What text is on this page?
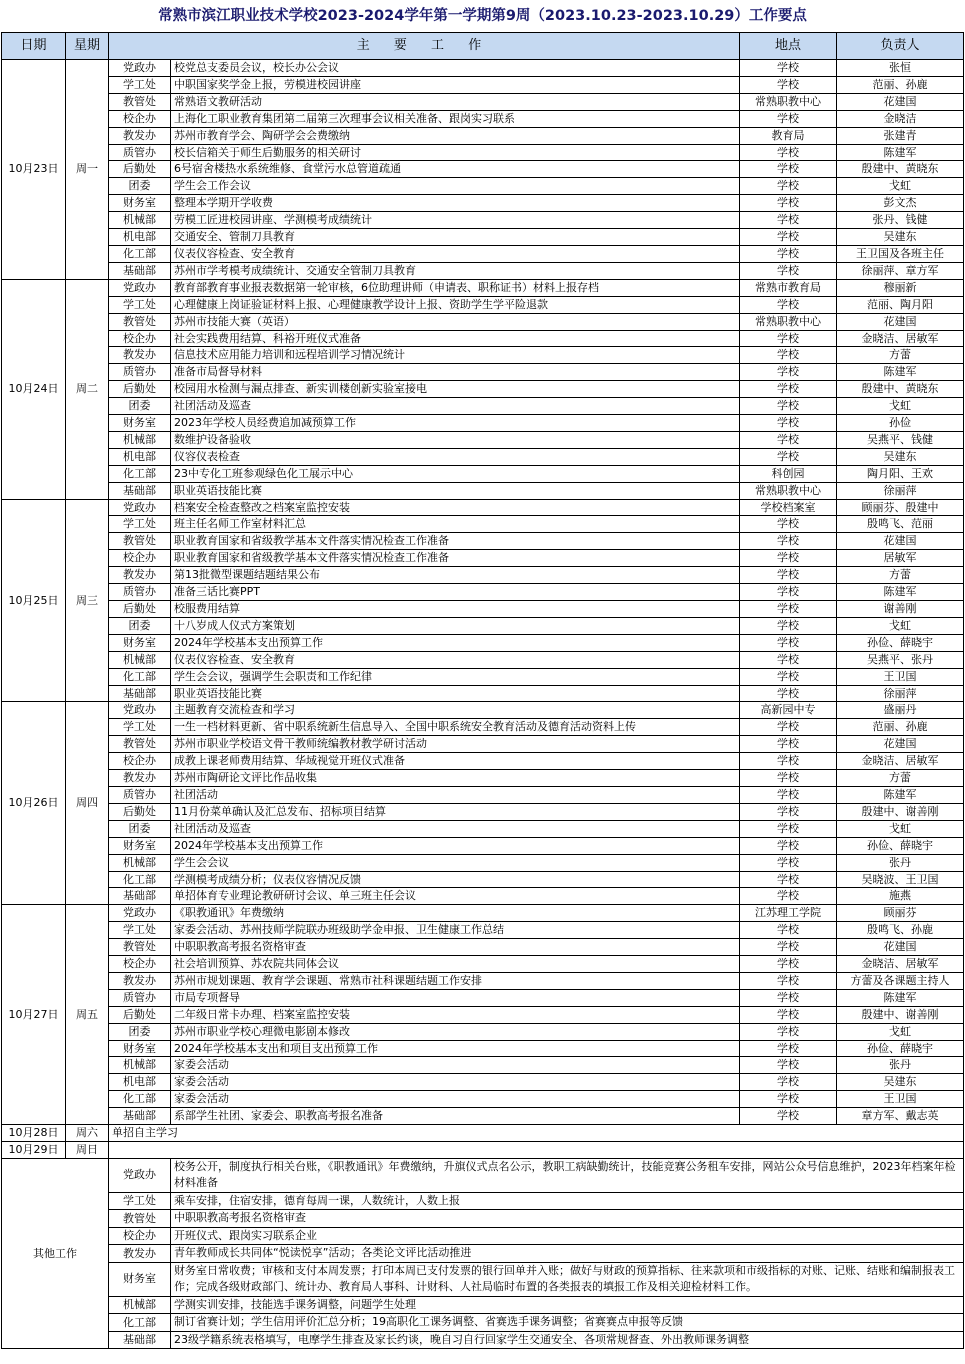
常熟市滨江职业技术学校2023-2024学年第一学期第9周（2023.10.23-2023.10.29）工作要点
日期	星期	主 要 工 作		地点	负责人
10月23日	周一	党政办	校党总支委员会议，校长办公会议	学校	张恒
		学工处	中职国家奖学金上报，劳模进校园讲座	学校	范丽、孙鹿
		教管处	常熟语文教研活动	常熟职教中心	花建国
		校企办	上海化工职业教育集团第二届第三次理事会议相关准备、跟岗实习联系	学校	金晓洁
		教发办	苏州市教育学会、陶研学会会费缴纳	教育局	张建青
		质管办	校长信箱关于师生后勤服务的相关研讨	学校	陈建军
		后勤处	6号宿舍楼热水系统维修、食堂污水总管道疏通	学校	殷建中、黄晓东
		团委	学生会工作会议	学校	戈虹
		财务室	整理本学期开学收费	学校	彭文杰
		机械部	劳模工匠进校园讲座、学测模考成绩统计	学校	张丹、钱健
		机电部	交通安全、管制刀具教育	学校	吴建东
		化工部	仪表仪容检查、安全教育	学校	王卫国及各班主任
		基础部	苏州市学考模考成绩统计、交通安全管制刀具教育	学校	徐丽萍、章方军
10月24日	周二	党政办	教育部教育事业报表数据第一轮审核，6位助理讲师（申请表、职称证书）材料上报存档	常熟市教育局	穆丽新
		学工处	心理健康上岗证验证材料上报、心理健康教学设计上报、资助学生学平险退款	学校	范丽、陶月阳
		教管处	苏州市技能大赛（英语）	常熟职教中心	花建国
		校企办	社会实践费用结算、科裕开班仪式准备	学校	金晓洁、居敏军
		教发办	信息技术应用能力培训和远程培训学习情况统计	学校	方蕾
		质管办	准备市局督导材料	学校	陈建军
		后勤处	校园用水检测与漏点排查、新实训楼创新实验室接电	学校	殷建中、黄晓东
		团委	社团活动及巡查	学校	戈虹
		财务室	2023年学校人员经费追加减预算工作	学校	孙俭
		机械部	数维护设备验收	学校	吴燕平、钱健
		机电部	仪容仪表检查	学校	吴建东
		化工部	23中专化工班参观绿色化工展示中心	科创园	陶月阳、王欢
		基础部	职业英语技能比赛	常熟职教中心	徐丽萍
10月25日	周三	党政办	档案安全检查整改之档案室监控安装	学校档案室	顾丽芬、殷建中
		学工处	班主任名师工作室材料汇总	学校	殷鸣飞、范丽
		教管处	职业教育国家和省级教学基本文件落实情况检查工作准备	学校	花建国
		校企办	职业教育国家和省级教学基本文件落实情况检查工作准备	学校	居敏军
		教发办	第13批微型课题结题结果公布	学校	方蕾
		质管办	准备三话比赛PPT	学校	陈建军
		后勤处	校服费用结算	学校	谢善刚
		团委	十八岁成人仪式方案策划	学校	戈虹
		财务室	2024年学校基本支出预算工作	学校	孙俭、薛晓宇
		机械部	仪表仪容检查、安全教育	学校	吴燕平、张丹
		化工部	学生会会议，强调学生会职责和工作纪律	学校	王卫国
		基础部	职业英语技能比赛	学校	徐丽萍
10月26日	周四	党政办	主题教育交流检查和学习	高新园中专	盛丽丹
		学工处	一生一档材料更新、省中职系统新生信息导入、全国中职系统安全教育活动及德育活动资料上传	学校	范丽、孙鹿
		教管处	苏州市职业学校语文骨干教师统编教材教学研讨活动	学校	花建国
		校企办	成教上课老师费用结算、华域视觉开班仪式准备	学校	金晓洁、居敏军
		教发办	苏州市陶研论文评比作品收集	学校	方蕾
		质管办	社团活动	学校	陈建军
		后勤处	11月份菜单确认及汇总发布、招标项目结算	学校	殷建中、谢善刚
		团委	社团活动及巡查	学校	戈虹
		财务室	2024年学校基本支出预算工作	学校	孙俭、薛晓宇
		机械部	学生会会议	学校	张丹
		化工部	学测模考成绩分析；仪表仪容情况反馈	学校	吴晓波、王卫国
		基础部	单招体育专业理论教研研讨会议、单三班主任会议	学校	施燕
10月27日	周五	党政办	《职教通讯》年费缴纳	江苏理工学院	顾丽芬
		学工处	家委会活动、苏州技师学院联办班级助学金申报、卫生健康工作总结	学校	殷鸣飞、孙鹿
		教管处	中职职教高考报名资格审查	学校	花建国
		校企办	社会培训预算、苏农院共同体会议	学校	金晓洁、居敏军
		教发办	苏州市规划课题、教育学会课题、常熟市社科课题结题工作安排	学校	方蕾及各课题主持人
		质管办	市局专项督导	学校	陈建军
		后勤处	二年级日常卡办理、档案室监控安装	学校	殷建中、谢善刚
		团委	苏州市职业学校心理微电影剧本修改	学校	戈虹
		财务室	2024年学校基本支出和项目支出预算工作	学校	孙俭、薛晓宇
		机械部	家委会活动	学校	张丹
		机电部	家委会活动	学校	吴建东
		化工部	家委会活动	学校	王卫国
		基础部	系部学生社团、家委会、职教高考报名准备	学校	章方军、戴志英
10月28日	周六	单招自主学习			
10月29日	周日				
其他工作		党政办	校务公开，制度执行相关台账，《职教通讯》年费缴纳，升旗仪式点名公示，教职工病缺勤统计，技能竞赛公务租车安排，网站公众号信息维护，2023年档案年检材料准备		
		学工处	乘车安排，住宿安排，德育每周一课，人数统计，人数上报		
		教管处	中职职教高考报名资格审查		
		校企办	开班仪式、跟岗实习联系企业		
		教发办	青年教师成长共同体“悦读悦享”活动；各类论文评比活动推进		
		财务室	财务室日常收费；审核和支付本周发票；打印本周已支付发票的银行回单并入账；做好与财政的预算指标、往来款项和市级指标的对账、记账、结账和编制报表工作；完成各级财政部门、统计办、教育局人事科、计财科、人社局临时布置的各类报表的填报工作及相关迎检材料工作。		
		机械部	学测实训安排，技能选手课务调整，问题学生处理		
		化工部	制订省赛计划；学生信用评价汇总分析；19高职化工课务调整、省赛选手课务调整；省赛赛点申报等反馈		
		基础部	23级学籍系统表格填写，电摩学生排查及家长约谈，晚自习自行回家学生交通安全、各项常规督查、外出教师课务调整		
